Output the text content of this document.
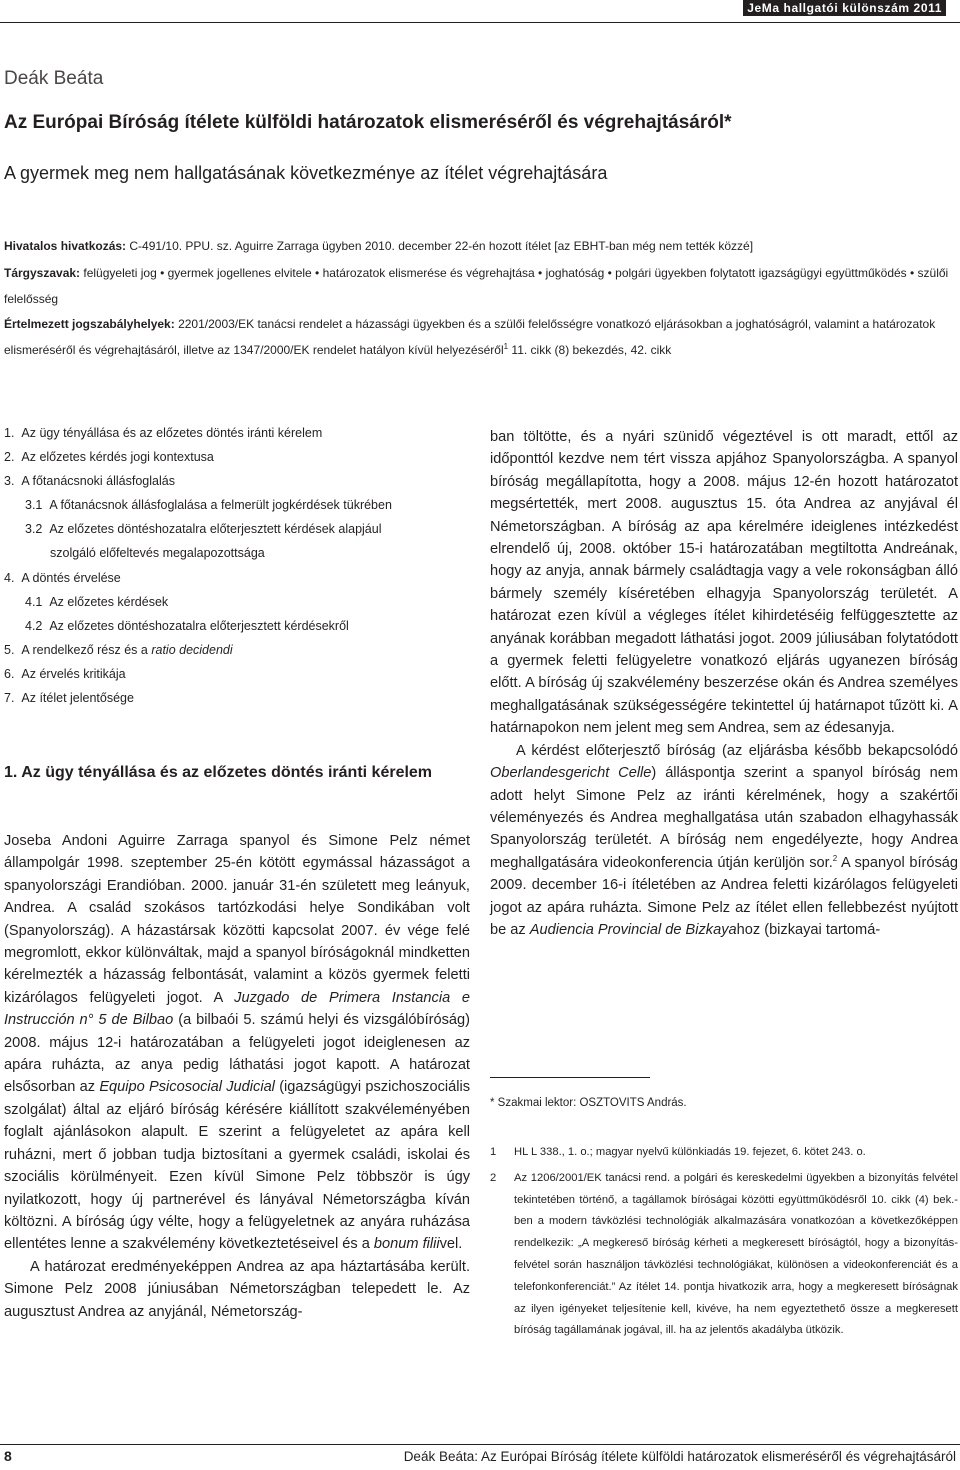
JeMa hallgatói különszám 2011
Deák Beáta
Az Európai Bíróság ítélete külföldi határozatok elismeréséről és végrehajtásáról*
A gyermek meg nem hallgatásának következménye az ítélet végrehajtására
Hivatalos hivatkozás: C-491/10. PPU. sz. Aguirre Zarraga ügyben 2010. december 22-én hozott ítélet [az EBHT-ban még nem tették közzé]
Tárgyszavak: felügyeleti jog • gyermek jogellenes elvitele • határozatok elismerése és végrehajtása • joghatóság • polgári ügyekben folytatott igazságügyi együttműködés • szülői felelősség
Értelmezett jogszabályhelyek: 2201/2003/EK tanácsi rendelet a házassági ügyekben és a szülői felelősségre vonatkozó eljárásokban a joghatóságról, valamint a határozatok elismeréséről és végrehajtásáról, illetve az 1347/2000/EK rendelet hatályon kívül helyezéséről$^1$ 11. cikk (8) bekezdés, 42. cikk
1. Az ügy tényállása és az előzetes döntés iránti kérelem
2. Az előzetes kérdés jogi kontextusa
3. A főtanácsnoki állásfoglalás
3.1 A főtanácsnok állásfoglalása a felmerült jogkérdések tükrében
3.2 Az előzetes döntéshozatalra előterjesztett kérdések alapjául
szolgáló előfeltevés megalapozottsága
4. A döntés érvelése
4.1 Az előzetes kérdések
4.2 Az előzetes döntéshozatalra előterjesztett kérdésekről
5. A rendelkező rész és a ratio decidendi
6. Az érvelés kritikája
7. Az ítélet jelentősége
1. Az ügy tényállása és az előzetes döntés iránti kérelem

Joseba Andoni Aguirre Zarraga spanyol és Simone Pelz német állampolgár 1998. szeptember 25-én kötött egymással házasságot a spanyolországi Erandióban. 2000. január 31-én született meg leányuk, Andrea. A család szokásos tartózkodási helye Sondikában volt (Spanyolország). A házastársak közötti kapcsolat 2007. év vége felé megromlott, ekkor különváltak, majd a spanyol bíróságoknál mindketten kérelmezték a házasság felbontását, valamint a közös gyermek feletti kizárólagos felügyeleti jogot. A Juzgado de Primera Instancia e Instrucción n° 5 de Bilbao (a bilbaói 5. számú helyi és vizsgálóbíróság) 2008. május 12-i határozatában a felügyeleti jogot ideiglenesen az apára ruházta, az anya pedig láthatási jogot kapott. A határozat elsősorban az Equipo Psicosocial Judicial (igazságügyi pszichoszociális szolgálat) által az eljáró bíróság kérésére kiállított szakvéleményében foglalt ajánlásokon alapult. E szerint a felügyeletet az apára kell ruházni, mert ő jobban tudja biztosítani a gyermek családi, iskolai és szociális körülményeit. Ezen kívül Simone Pelz többször is úgy nyilatkozott, hogy új partnerével és lányával Németországba kíván költözni. A bíróság úgy vélte, hogy a felügyeletnek az anyára ruházása ellentétes lenne a szakvélemény következtetéseivel és a bonum filiivel.

A határozat eredményeképpen Andrea az apa háztartásába került. Simone Pelz 2008 júniusában Németországban telepedett le. Az augusztust Andrea az anyjánál, Németország-

ban töltötte, és a nyári szünidő végeztével is ott maradt, ettől az időponttól kezdve nem tért vissza apjához Spanyolországba. A spanyol bíróság megállapította, hogy a 2008. május 12-én hozott határozatot megsértették, mert 2008. augusztus 15. óta Andrea az anyjával él Németországban. A bíróság az apa kérelmére ideiglenes intézkedést elrendelő új, 2008. október 15-i határozatában megtiltotta Andreának, hogy az anyja, annak bármely családtagja vagy a vele rokonságban álló bármely személy kíséretében elhagyja Spanyolország területét. A határozat ezen kívül a végleges ítélet kihirdetéséig felfüggesztette az anyának korábban megadott láthatási jogot. 2009 júliusában folytatódott a gyermek feletti felügyeletre vonatkozó eljárás ugyanezen bíróság előtt. A bíróság új szakvélemény beszerzése okán és Andrea személyes meghallgatásának szükségességére tekintettel új határnapot tűzött ki. A határnapokon nem jelent meg sem Andrea, sem az édesanyja.

A kérdést előterjesztő bíróság (az eljárásba később bekapcsolódó Oberlandesgericht Celle) álláspontja szerint a spanyol bíróság nem adott helyt Simone Pelz az iránti kérelmének, hogy a szakértői véleményezés és Andrea meghallgatása után szabadon elhagyhassák Spanyolország területét. A bíróság nem engedélyezte, hogy Andrea meghallgatására videokonferencia útján kerüljön sor.$^2$ A spanyol bíróság 2009. december 16-i ítéletében az Andrea feletti kizárólagos felügyeleti jogot az apára ruházta. Simone Pelz az ítélet ellen fellebbezést nyújtott be az Audiencia Provincial de Bizkayahoz (bizkayai tartomá-

* Szakmai lektor: OSZTOVITS András.
1 HL L 338., 1. o.; magyar nyelvű különkiadás 19. fejezet, 6. kötet 243. o.
2 Az 1206/2001/EK tanácsi rend. a polgári és kereskedelmi ügyekben a bizonyítás felvétel tekintetében történő, a tagállamok bíróságai közötti együttműködésről 10. cikk (4) bek.-ben a modern távközlési technológiák alkalmazására vonatkozóan a következőképpen rendelkezik: „A megkereső bíróság kérheti a megkeresett bíróságtól, hogy a bizonyítás-felvétel során használjon távközlési technológiákat, különösen a videokonferenciát és a telefonkonferenciát.” Az ítélet 14. pontja hivatkozik arra, hogy a megkeresett bíróságnak az ilyen igényeket teljesítenie kell, kivéve, ha nem egyeztethető össze a megkeresett bíróság tagállamának jogával, ill. ha az jelentős akadályba ütközik.
8	Deák Beáta: Az Európai Bíróság ítélete külföldi határozatok elismeréséről és végrehajtásáról
